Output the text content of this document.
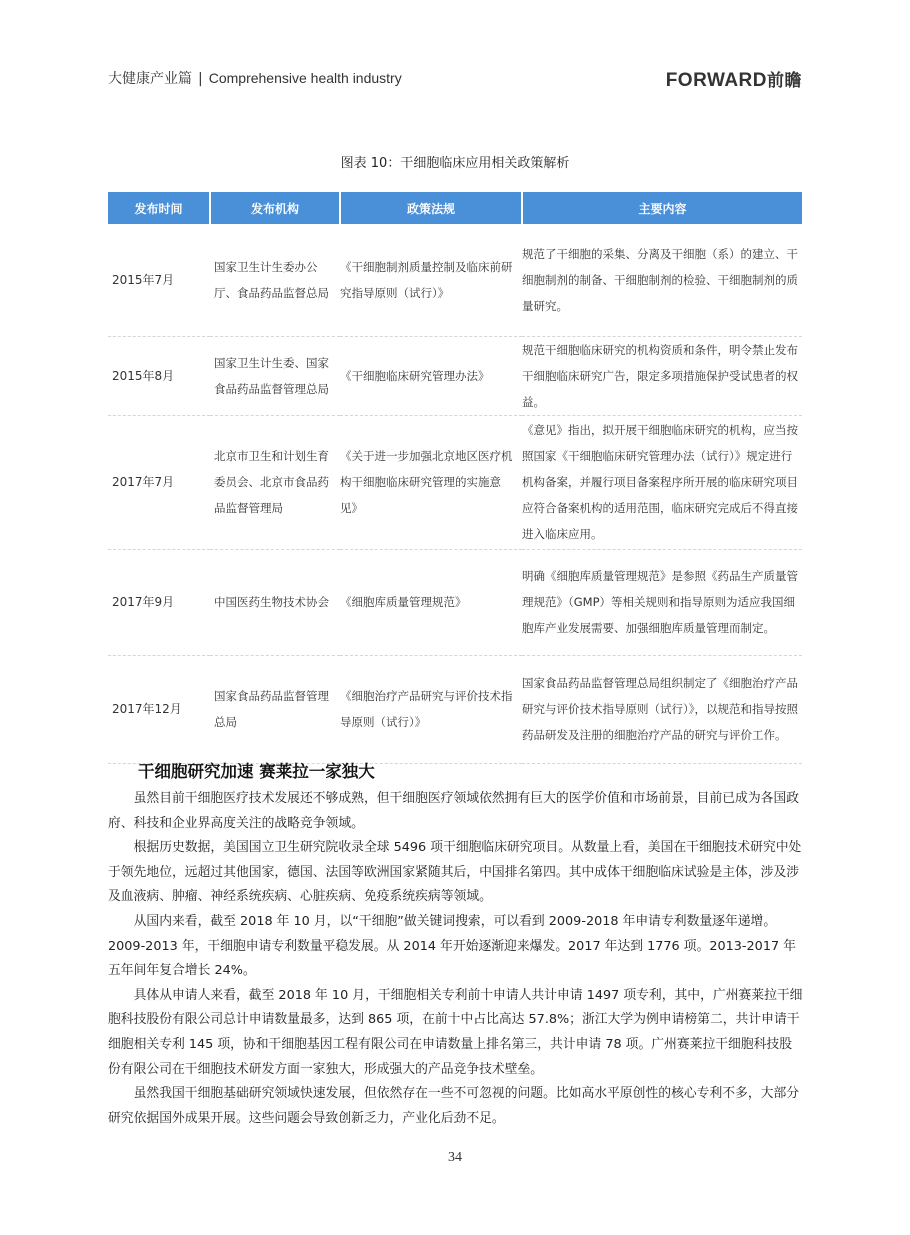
大健康产业篇 | Comprehensive health industry	FORWARD前瞻
图表 10：干细胞临床应用相关政策解析
发布时间	发布机构	政策法规	主要内容
2015年7月	国家卫生计生委办公厅、食品药品监督总局	《干细胞制剂质量控制及临床前研究指导原则（试行）》	规范了干细胞的采集、分离及干细胞（系）的建立、干细胞制剂的制备、干细胞制剂的检验、干细胞制剂的质量研究。
2015年8月	国家卫生计生委、国家食品药品监督管理总局	《干细胞临床研究管理办法》	规范干细胞临床研究的机构资质和条件，明令禁止发布干细胞临床研究广告，限定多项措施保护受试患者的权益。
2017年7月	北京市卫生和计划生育委员会、北京市食品药品监督管理局	《关于进一步加强北京地区医疗机构干细胞临床研究管理的实施意见》	《意见》指出，拟开展干细胞临床研究的机构，应当按照国家《干细胞临床研究管理办法（试行）》规定进行机构备案，并履行项目备案程序所开展的临床研究项目应符合备案机构的适用范围，临床研究完成后不得直接进入临床应用。
2017年9月	中国医药生物技术协会	《细胞库质量管理规范》	明确《细胞库质量管理规范》是参照《药品生产质量管理规范》（GMP）等相关规则和指导原则为适应我国细胞库产业发展需要、加强细胞库质量管理而制定。
2017年12月	国家食品药品监督管理总局	《细胞治疗产品研究与评价技术指导原则（试行）》	国家食品药品监督管理总局组织制定了《细胞治疗产品研究与评价技术指导原则（试行）》，以规范和指导按照药品研发及注册的细胞治疗产品的研究与评价工作。
干细胞研究加速 赛莱拉一家独大

虽然目前干细胞医疗技术发展还不够成熟，但干细胞医疗领域依然拥有巨大的医学价值和市场前景，目前已成为各国政府、科技和企业界高度关注的战略竞争领域。

根据历史数据，美国国立卫生研究院收录全球 5496 项干细胞临床研究项目。从数量上看，美国在干细胞技术研究中处于领先地位，远超过其他国家，德国、法国等欧洲国家紧随其后，中国排名第四。其中成体干细胞临床试验是主体，涉及涉及血液病、肿瘤、神经系统疾病、心脏疾病、免疫系统疾病等领域。

从国内来看，截至 2018 年 10 月，以“干细胞”做关键词搜索，可以看到 2009-2018 年申请专利数量逐年递增。2009-2013 年，干细胞申请专利数量平稳发展。从 2014 年开始逐渐迎来爆发。2017 年达到 1776 项。2013-2017 年五年间年复合增长 24%。

具体从申请人来看，截至 2018 年 10 月，干细胞相关专利前十申请人共计申请 1497 项专利，其中，广州赛莱拉干细胞科技股份有限公司总计申请数量最多，达到 865 项，在前十中占比高达 57.8%；浙江大学为例申请榜第二，共计申请干细胞相关专利 145 项，协和干细胞基因工程有限公司在申请数量上排名第三，共计申请 78 项。广州赛莱拉干细胞科技股份有限公司在干细胞技术研发方面一家独大，形成强大的产品竞争技术壁垒。

虽然我国干细胞基础研究领域快速发展，但依然存在一些不可忽视的问题。比如高水平原创性的核心专利不多，大部分研究依据国外成果开展。这些问题会导致创新乏力，产业化后劲不足。

34
